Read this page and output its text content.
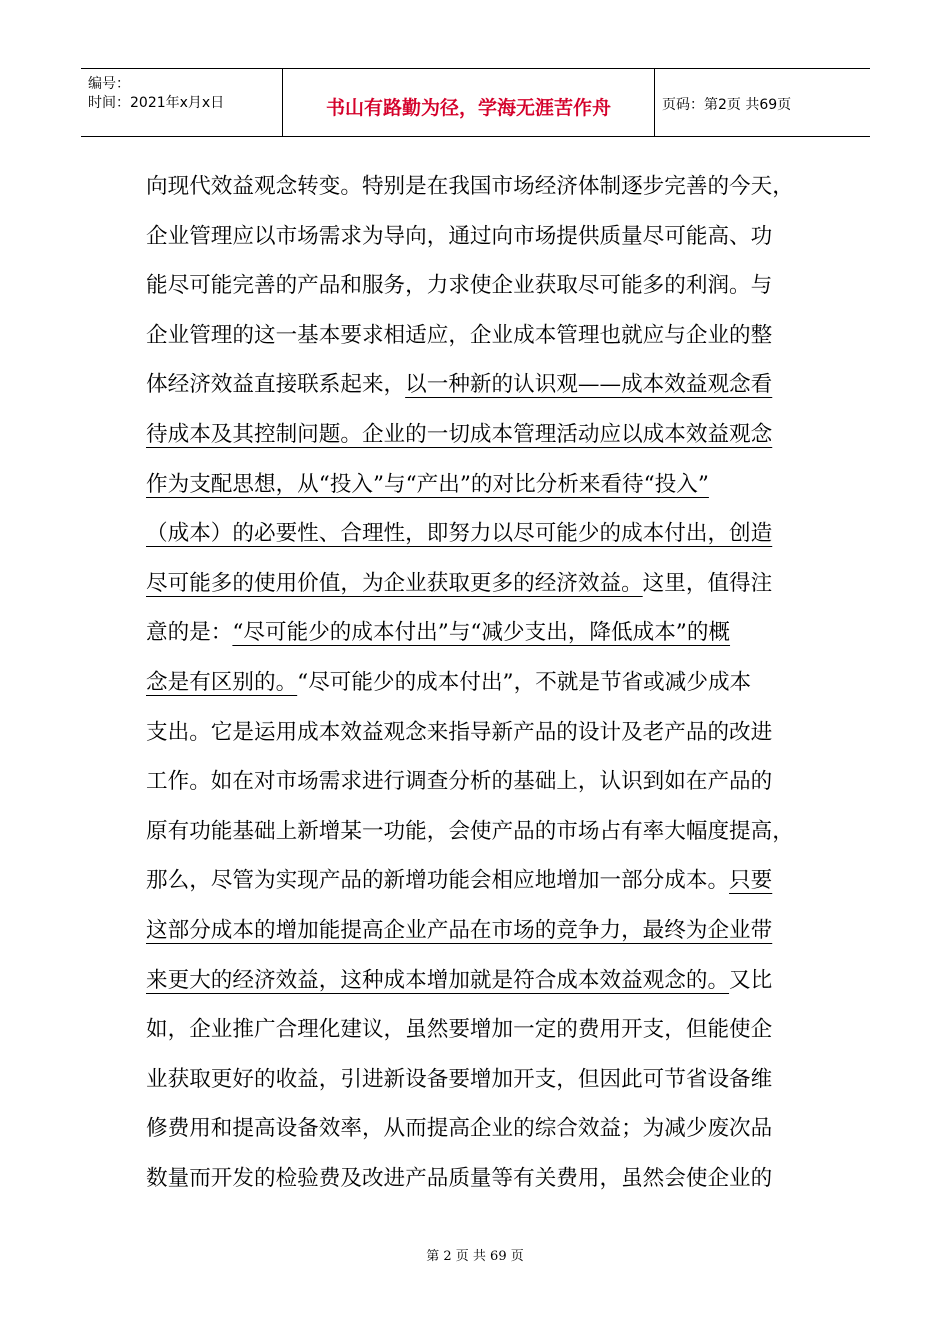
编号：
时间：2021年x月x日	书山有路勤为径，学海无涯苦作舟	页码：第2页 共69页
向现代效益观念转变。特别是在我国市场经济体制逐步完善的今天，
企业管理应以市场需求为导向，通过向市场提供质量尽可能高、功
能尽可能完善的产品和服务，力求使企业获取尽可能多的利润。与
企业管理的这一基本要求相适应，企业成本管理也就应与企业的整
体经济效益直接联系起来，以一种新的认识观——成本效益观念看
待成本及其控制问题。企业的一切成本管理活动应以成本效益观念
作为支配思想，从“投入”与“产出”的对比分析来看待“投入”
（成本）的必要性、合理性，即努力以尽可能少的成本付出，创造
尽可能多的使用价值，为企业获取更多的经济效益。这里，值得注
意的是：“尽可能少的成本付出”与“减少支出，降低成本”的概
念是有区别的。“尽可能少的成本付出”，不就是节省或减少成本
支出。它是运用成本效益观念来指导新产品的设计及老产品的改进
工作。如在对市场需求进行调查分析的基础上，认识到如在产品的
原有功能基础上新增某一功能，会使产品的市场占有率大幅度提高，
那么，尽管为实现产品的新增功能会相应地增加一部分成本。只要
这部分成本的增加能提高企业产品在市场的竞争力，最终为企业带
来更大的经济效益，这种成本增加就是符合成本效益观念的。又比
如，企业推广合理化建议，虽然要增加一定的费用开支，但能使企
业获取更好的收益，引进新设备要增加开支，但因此可节省设备维
修费用和提高设备效率，从而提高企业的综合效益；为减少废次品
数量而开发的检验费及改进产品质量等有关费用，虽然会使企业的
第 2 页 共 69 页
